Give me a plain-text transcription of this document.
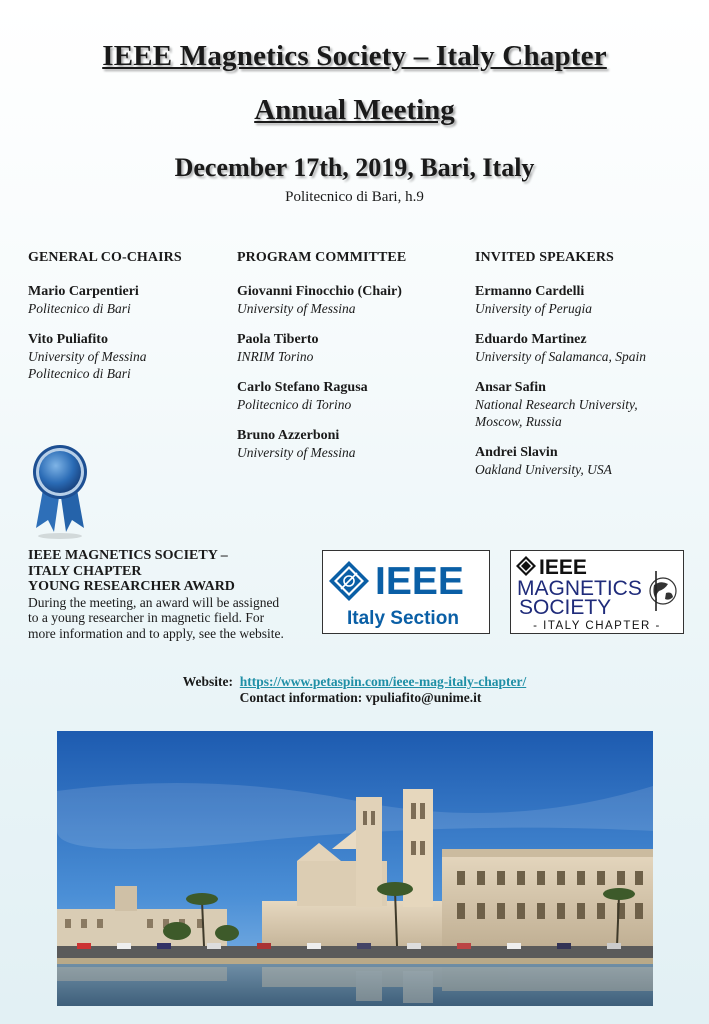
IEEE Magnetics Society – Italy Chapter
Annual Meeting
December 17th, 2019, Bari, Italy
Politecnico di Bari, h.9
GENERAL CO-CHAIRS
Mario Carpentieri
Politecnico di Bari
Vito Puliafito
University of Messina
Politecnico di Bari
PROGRAM COMMITTEE
Giovanni Finocchio (Chair)
University of Messina
Paola Tiberto
INRIM Torino
Carlo Stefano Ragusa
Politecnico di Torino
Bruno Azzerboni
University of Messina
INVITED SPEAKERS
Ermanno Cardelli
University of Perugia
Eduardo Martinez
University of Salamanca, Spain
Ansar Safin
National Research University,
Moscow, Russia
Andrei Slavin
Oakland University, USA
IEEE MAGNETICS SOCIETY –
ITALY CHAPTER
YOUNG RESEARCHER AWARD
During the meeting, an award will be assigned
to a young researcher in magnetic field. For
more information and to apply, see the website.
IEEE
Italy Section
IEEE
MAGNETICS
SOCIETY
- ITALY CHAPTER -
Website: https://www.petaspin.com/ieee-mag-italy-chapter/
Contact information: vpuliafito@unime.it
